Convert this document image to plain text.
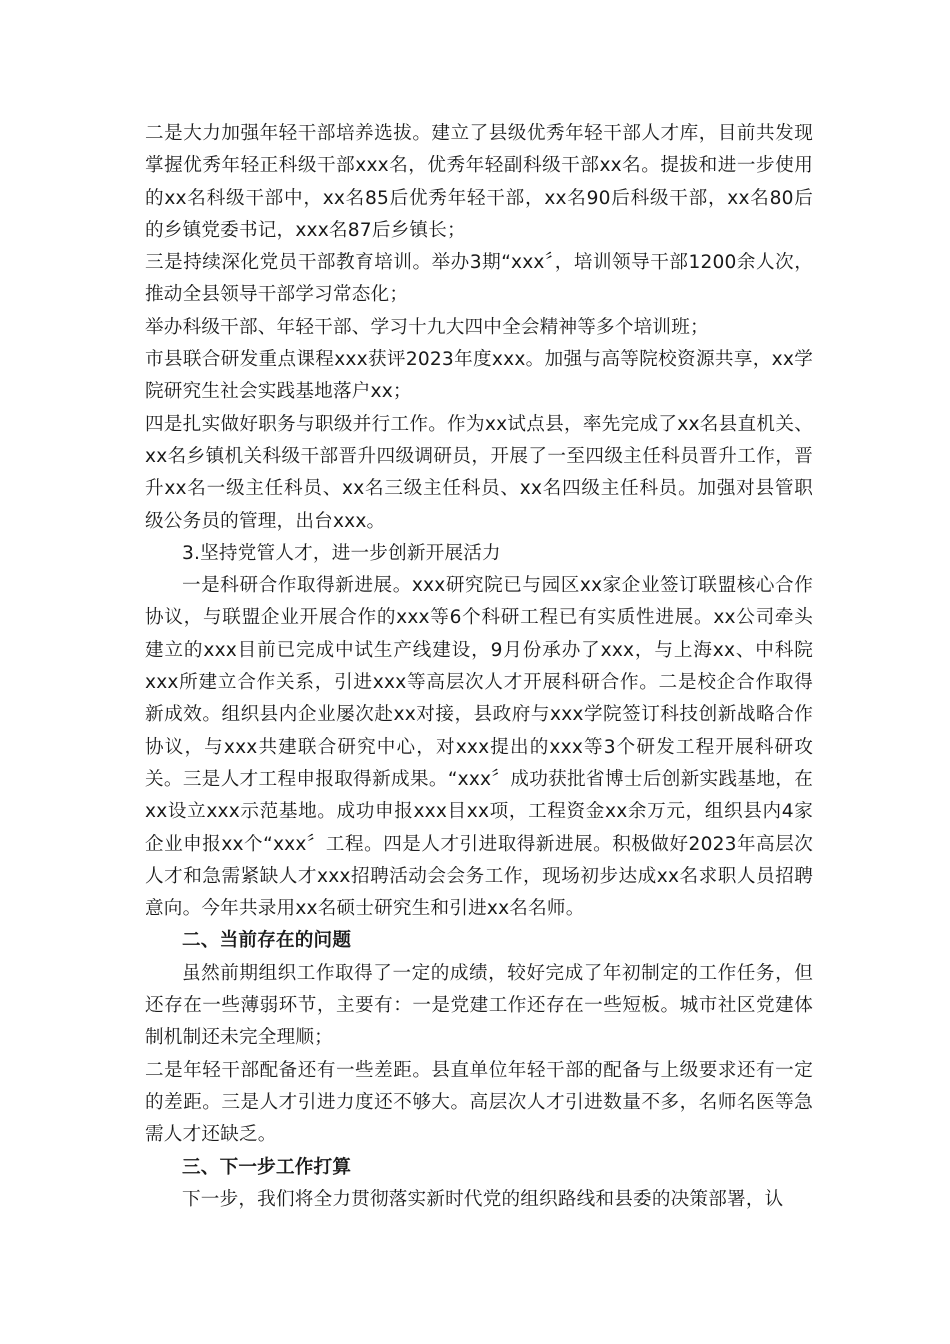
二是大力加强年轻干部培养选拔。建立了县级优秀年轻干部人才库，目前共发现掌握优秀年轻正科级干部xxx名，优秀年轻副科级干部xx名。提拔和进一步使用的xx名科级干部中，xx名85后优秀年轻干部，xx名90后科级干部，xx名80后的乡镇党委书记，xxx名87后乡镇长；

三是持续深化党员干部教育培训。举办3期“xxx〞，培训领导干部1200余人次，推动全县领导干部学习常态化；

举办科级干部、年轻干部、学习十九大四中全会精神等多个培训班；

市县联合研发重点课程xxx获评2023年度xxx。加强与高等院校资源共享，xx学院研究生社会实践基地落户xx；

四是扎实做好职务与职级并行工作。作为xx试点县，率先完成了xx名县直机关、xx名乡镇机关科级干部晋升四级调研员，开展了一至四级主任科员晋升工作，晋升xx名一级主任科员、xx名三级主任科员、xx名四级主任科员。加强对县管职级公务员的管理，出台xxx。

3.坚持党管人才，进一步创新开展活力

一是科研合作取得新进展。xxx研究院已与园区xx家企业签订联盟核心合作协议，与联盟企业开展合作的xxx等6个科研工程已有实质性进展。xx公司牵头建立的xxx目前已完成中试生产线建设，9月份承办了xxx，与上海xx、中科院xxx所建立合作关系，引进xxx等高层次人才开展科研合作。二是校企合作取得新成效。组织县内企业屡次赴xx对接，县政府与xxx学院签订科技创新战略合作协议，与xxx共建联合研究中心，对xxx提出的xxx等3个研发工程开展科研攻关。三是人才工程申报取得新成果。“xxx〞成功获批省博士后创新实践基地，在xx设立xxx示范基地。成功申报xxx目xx项，工程资金xx余万元，组织县内4家企业申报xx个“xxx〞工程。四是人才引进取得新进展。积极做好2023年高层次人才和急需紧缺人才xxx招聘活动会会务工作，现场初步达成xx名求职人员招聘意向。今年共录用xx名硕士研究生和引进xx名名师。

二、当前存在的问题

虽然前期组织工作取得了一定的成绩，较好完成了年初制定的工作任务，但还存在一些薄弱环节，主要有：一是党建工作还存在一些短板。城市社区党建体制机制还未完全理顺；

二是年轻干部配备还有一些差距。县直单位年轻干部的配备与上级要求还有一定的差距。三是人才引进力度还不够大。高层次人才引进数量不多，名师名医等急需人才还缺乏。

三、下一步工作打算

下一步，我们将全力贯彻落实新时代党的组织路线和县委的决策部署，认
